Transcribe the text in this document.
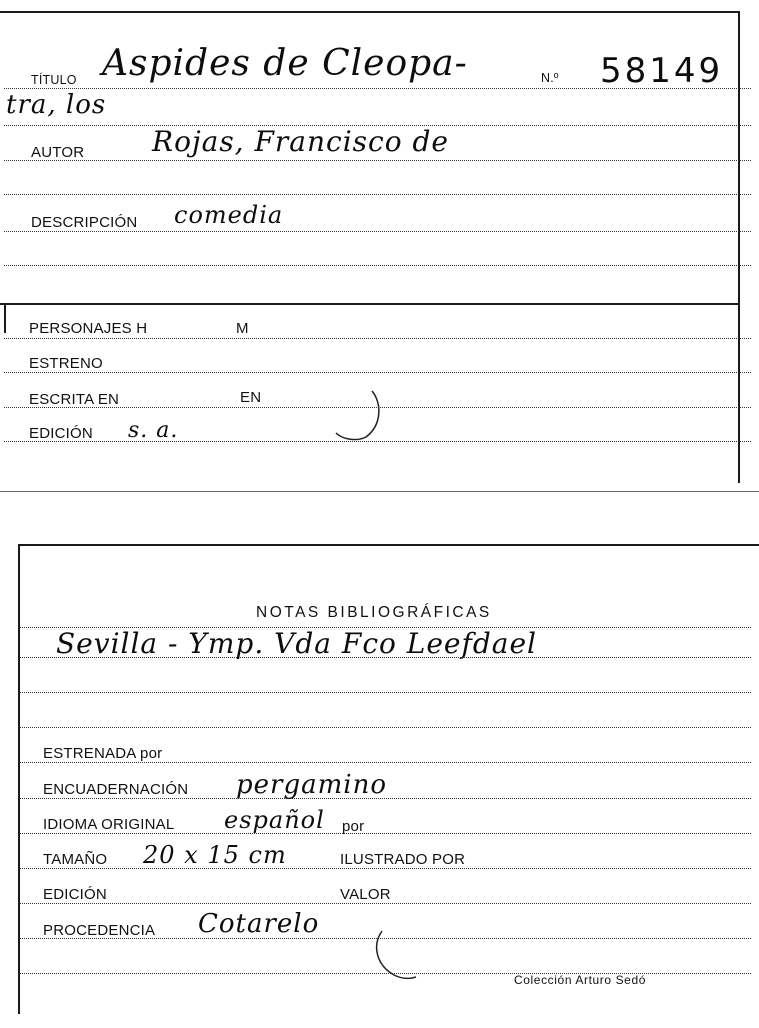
TÍTULO Aspides de Cleopa-	N.º 58149
tra, los
AUTOR Rojas, Francisco de
DESCRIPCIÓN comedia
PERSONAJES H	M
ESTRENO
ESCRITA EN	EN
EDICIÓN s. a.
NOTAS BIBLIOGRÁFICAS
Sevilla - Ymp. Vda Fco Leefdael
ESTRENADA por
ENCUADERNACIÓN pergamino
IDIOMA ORIGINAL español por
TAMAÑO 20 x 15 cm	ILUSTRADO POR
EDICIÓN	VALOR
PROCEDENCIA Cotarelo
Colección Arturo Sedó
